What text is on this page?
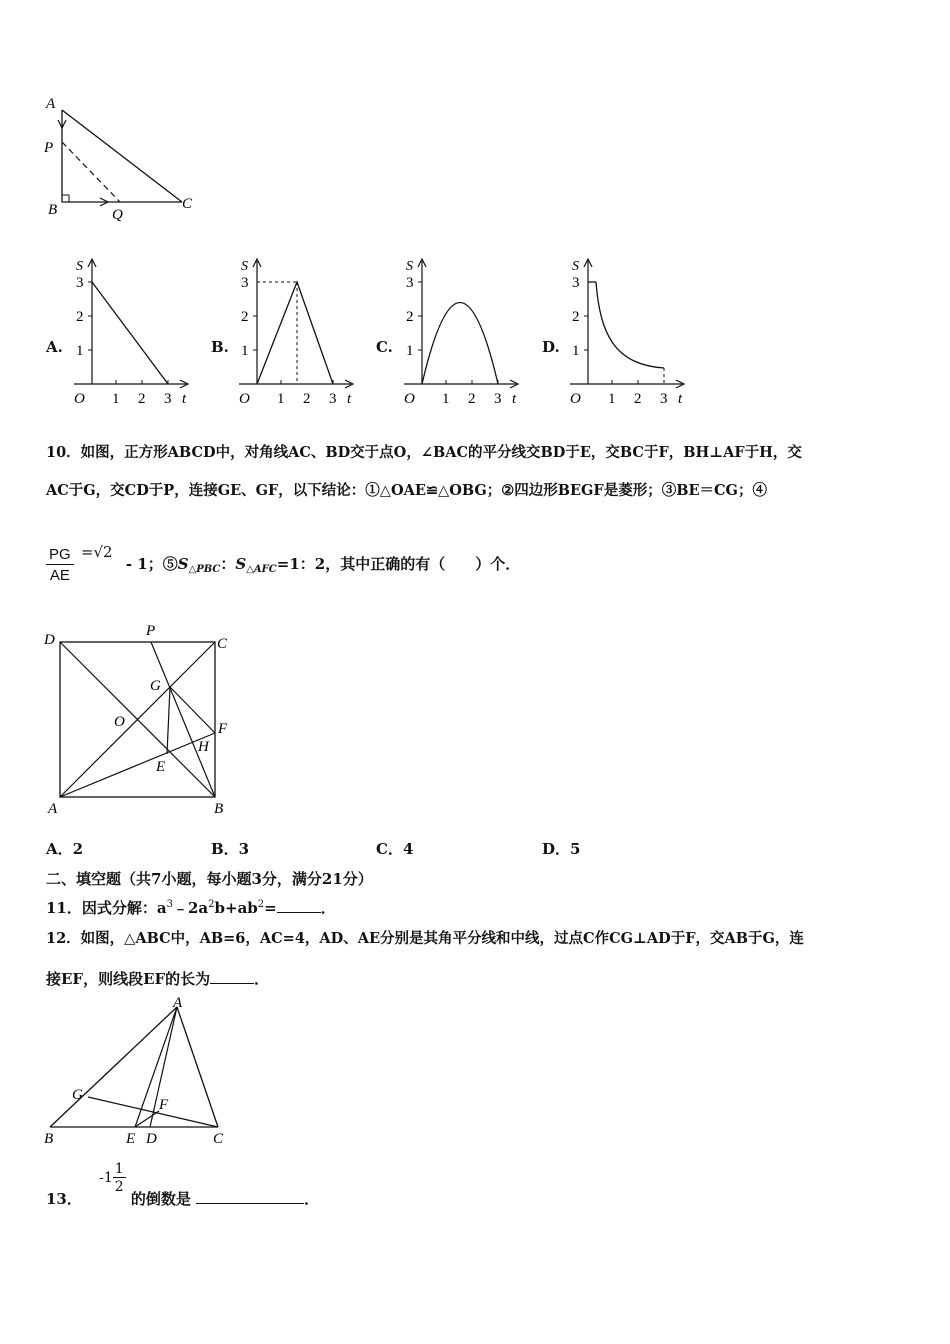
A
P
B	Q
C
A.	B.	C.	D.
S
3
2
1
O 1 2 3 t
S
3
2
1
O 1 2 3 t
S
3
2
1
O 1 2 3 t
S
3
2
1
O 1 2 3 t
10．如图，正方形ABCD中，对角线AC、BD交于点O，∠BAC的平分线交BD于E，交BC于F，BH⊥AF于H，交
AC于G，交CD于P，连接GE、GF，以下结论：①△OAE≌△OBG；②四边形BEGF是菱形；③BE＝CG；④
$\frac{PG}{AE} =√2 - 1$；$⑤S_{\triangle PBC}$：$S_{\triangle AFC}=1$：2，其中正确的有（　　）个．
D
P
C
G
O	F
H
E
A	B
A．2	B．3	C．4	D．5
二、填空题（共7小题，每小题3分，满分21分）
11．因式分解：$a^3﹣2a^2b+ab^2=$	．
12．如图，△ABC中，AB=6，AC=4，AD、AE分别是其角平分线和中线，过点C作CG⊥AD于F，交AB于G，连
接EF，则线段EF的长为	．
A
G
F
B	E D	C
13． $-1 \frac{1}{2}$
的倒数是	．
